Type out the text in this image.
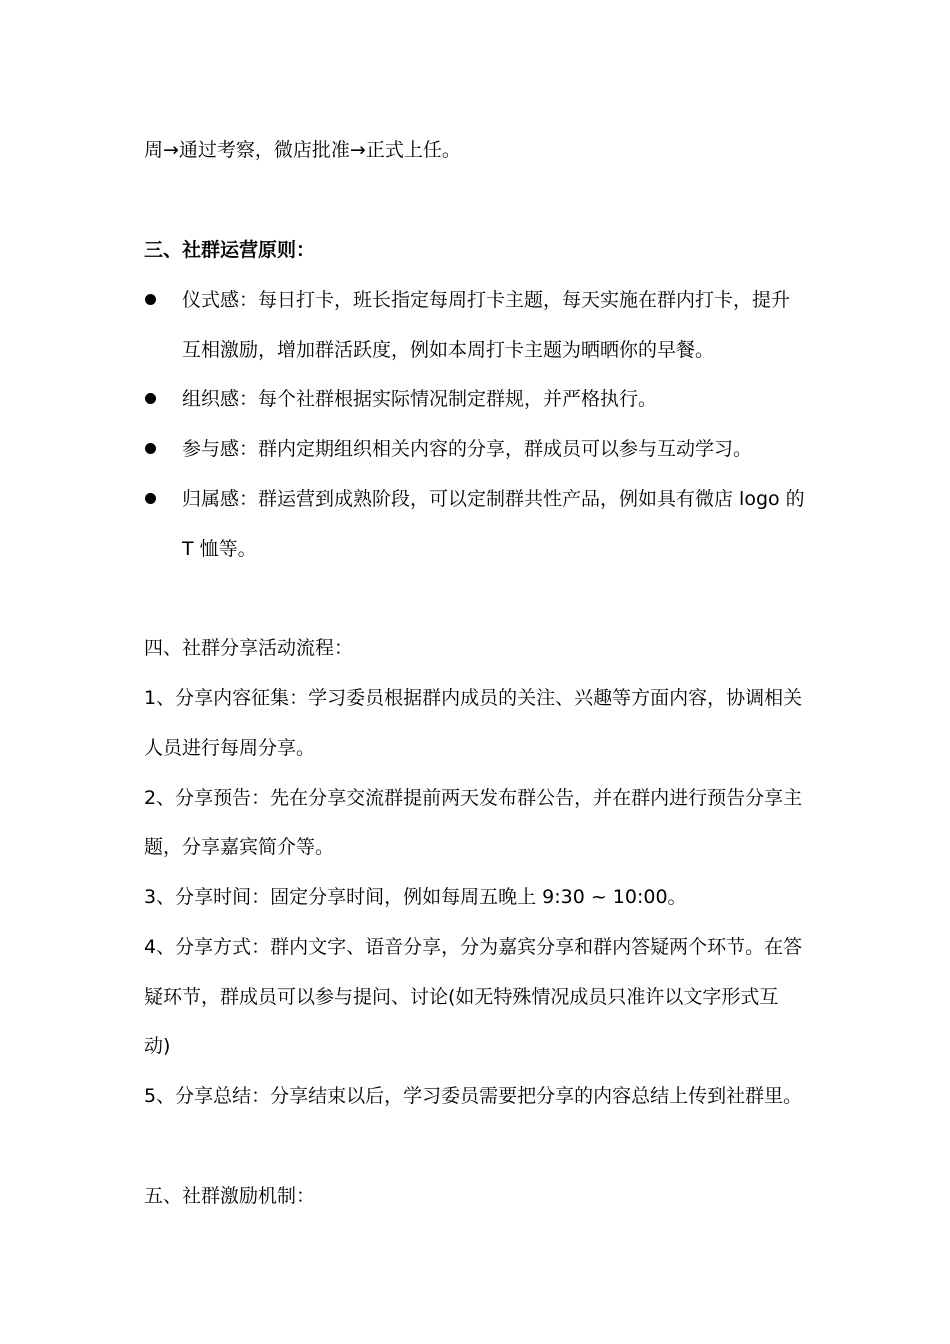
周→通过考察，微店批准→正式上任。
三、社群运营原则：
仪式感：每日打卡，班长指定每周打卡主题，每天实施在群内打卡，提升
互相激励，增加群活跃度，例如本周打卡主题为晒晒你的早餐。
组织感：每个社群根据实际情况制定群规，并严格执行。
参与感：群内定期组织相关内容的分享，群成员可以参与互动学习。
归属感：群运营到成熟阶段，可以定制群共性产品，例如具有微店 logo 的
T 恤等。
四、社群分享活动流程：
1、分享内容征集：学习委员根据群内成员的关注、兴趣等方面内容，协调相关
人员进行每周分享。
2、分享预告：先在分享交流群提前两天发布群公告，并在群内进行预告分享主
题，分享嘉宾简介等。
3、分享时间：固定分享时间，例如每周五晚上 9:30 ~ 10:00。
4、分享方式：群内文字、语音分享，分为嘉宾分享和群内答疑两个环节。在答
疑环节，群成员可以参与提问、讨论(如无特殊情况成员只准许以文字形式互
动)
5、分享总结：分享结束以后，学习委员需要把分享的内容总结上传到社群里。
五、社群激励机制：
